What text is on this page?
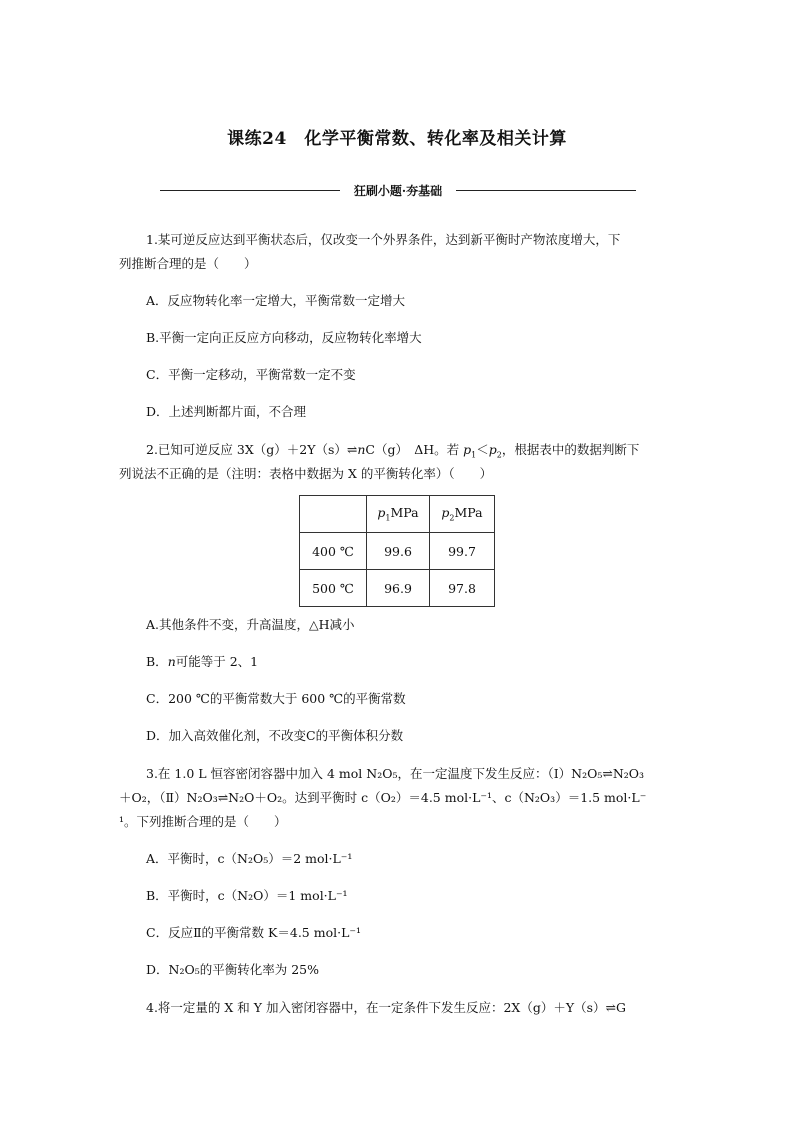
课练24　化学平衡常数、转化率及相关计算
狂刷小题·夯基础
1.某可逆反应达到平衡状态后，仅改变一个外界条件，达到新平衡时产物浓度增大，下
列推断合理的是（　　）
A．反应物转化率一定增大，平衡常数一定增大
B.平衡一定向正反应方向移动，反应物转化率增大
C．平衡一定移动，平衡常数一定不变
D．上述判断都片面，不合理
2.已知可逆反应 3X（g）＋2Y（s）⇌nC（g）　ΔH。若 $p_1<p_2$，根据表中的数据判断下
列说法不正确的是（注明：表格中数据为 X 的平衡转化率）（　　）
	$p_1MPa$	$p_2MPa$
400 ℃	99.6	99.7
500 ℃	96.9	97.8
A.其他条件不变，升高温度，△H减小
B．n可能等于 2、1
C．200 ℃的平衡常数大于 600 ℃的平衡常数
D．加入高效催化剂，不改变C的平衡体积分数
3.在 1.0 L 恒容密闭容器中加入 4 mol N₂O₅，在一定温度下发生反应：（Ⅰ）N₂O₅⇌N₂O₃
＋O₂，（Ⅱ）N₂O₃⇌N₂O＋O₂。达到平衡时 c（O₂）＝4.5 mol·L⁻¹、c（N₂O₃）＝1.5 mol·L⁻
¹。下列推断合理的是（　　）
A．平衡时，c（N₂O₅）＝2 mol·L⁻¹
B．平衡时，c（N₂O）＝1 mol·L⁻¹
C．反应Ⅱ的平衡常数 K＝4.5 mol·L⁻¹
D．N₂O₅的平衡转化率为 25%
4.将一定量的 X 和 Y 加入密闭容器中，在一定条件下发生反应：2X（g）＋Y（s）⇌G
